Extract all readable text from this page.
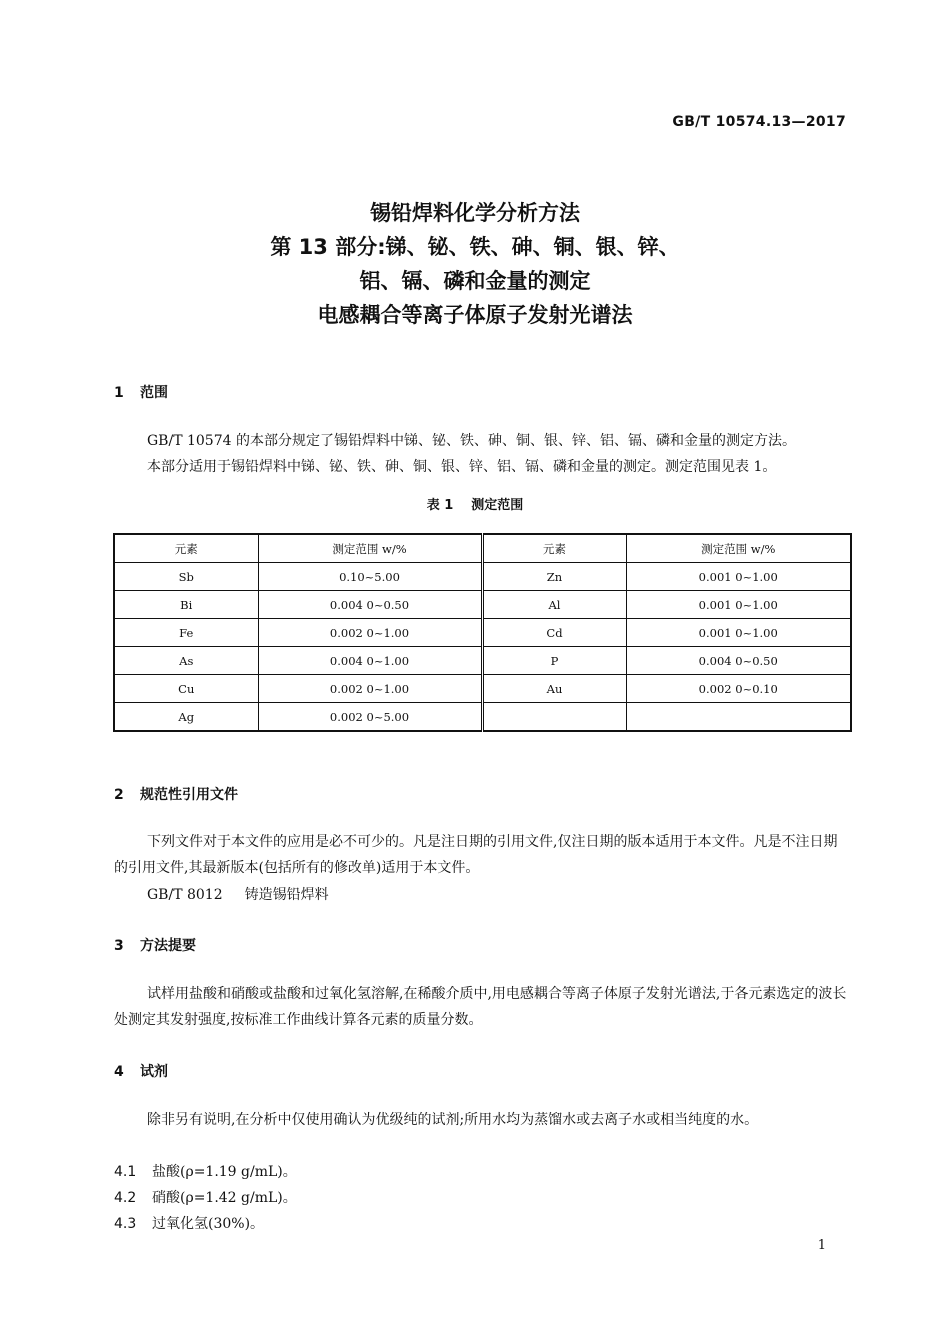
GB/T 10574.13—2017
锡铅焊料化学分析方法
第 13 部分:锑、铋、铁、砷、铜、银、锌、
铝、镉、磷和金量的测定
电感耦合等离子体原子发射光谱法
1 范围

GB/T 10574 的本部分规定了锡铅焊料中锑、铋、铁、砷、铜、银、锌、铝、镉、磷和金量的测定方法。

本部分适用于锡铅焊料中锑、铋、铁、砷、铜、银、锌、铝、镉、磷和金量的测定。测定范围见表 1。

表 1 测定范围
元素	测定范围 w/%	元素	测定范围 w/%
Sb	0.10~5.00	Zn	0.001 0~1.00
Bi	0.004 0~0.50	Al	0.001 0~1.00
Fe	0.002 0~1.00	Cd	0.001 0~1.00
As	0.004 0~1.00	P	0.004 0~0.50
Cu	0.002 0~1.00	Au	0.002 0~0.10
Ag	0.002 0~5.00		
2 规范性引用文件

下列文件对于本文件的应用是必不可少的。凡是注日期的引用文件,仅注日期的版本适用于本文件。凡是不注日期的引用文件,其最新版本(包括所有的修改单)适用于本文件。

GB/T 8012 铸造锡铅焊料
3 方法提要

试样用盐酸和硝酸或盐酸和过氧化氢溶解,在稀酸介质中,用电感耦合等离子体原子发射光谱法,于各元素选定的波长处测定其发射强度,按标准工作曲线计算各元素的质量分数。

4 试剂

除非另有说明,在分析中仅使用确认为优级纯的试剂;所用水均为蒸馏水或去离子水或相当纯度的水。

4.1 盐酸(ρ=1.19 g/mL)。
4.2 硝酸(ρ=1.42 g/mL)。
4.3 过氧化氢(30%)。
1
